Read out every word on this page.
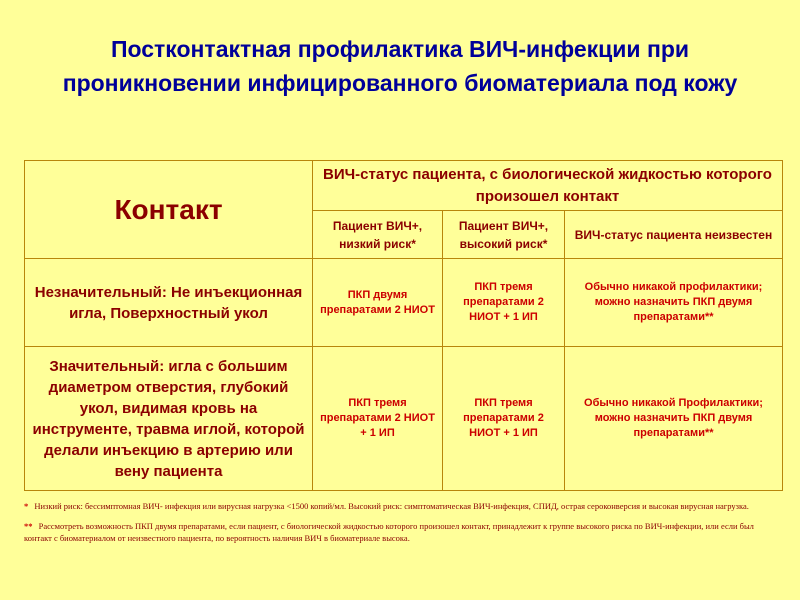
Постконтактная профилактика ВИЧ-инфекции при
проникновении инфицированного биоматериала под кожу
Контакт	ВИЧ-статус пациента, с биологической жидкостью которого произошел контакт		
	Пациент ВИЧ+, низкий риск*	Пациент ВИЧ+, высокий риск*	ВИЧ-статус пациента неизвестен
Незначительный: Не инъекционная игла, Поверхностный укол	ПКП двумя препаратами 2 НИОТ	ПКП тремя препаратами 2 НИОТ + 1 ИП	Обычно никакой профилактики; можно назначить ПКП двумя препаратами**
Значительный: игла с большим диаметром отверстия, глубокий укол, видимая кровь на инструменте, травма иглой, которой делали инъекцию в артерию или вену пациента	ПКП тремя препаратами 2 НИОТ + 1 ИП	ПКП тремя препаратами 2 НИОТ + 1 ИП	Обычно никакой Профилактики; можно назначить ПКП двумя препаратами**

* Низкий риск: бессимптомная ВИЧ- инфекция или вирусная нагрузка <1500 копий/мл. Высокий риск: симптоматическая ВИЧ-инфекция, СПИД, острая сероконверсия и высокая вирусная нагрузка.

** Рассмотреть возможность ПКП двумя препаратами, если пациент, с биологической жидкостью которого произошел контакт, принадлежит к группе высокого риска по ВИЧ-инфекции, или если был контакт с биоматериалом от неизвестного пациента, по вероятность наличия ВИЧ в биоматериале высока.
